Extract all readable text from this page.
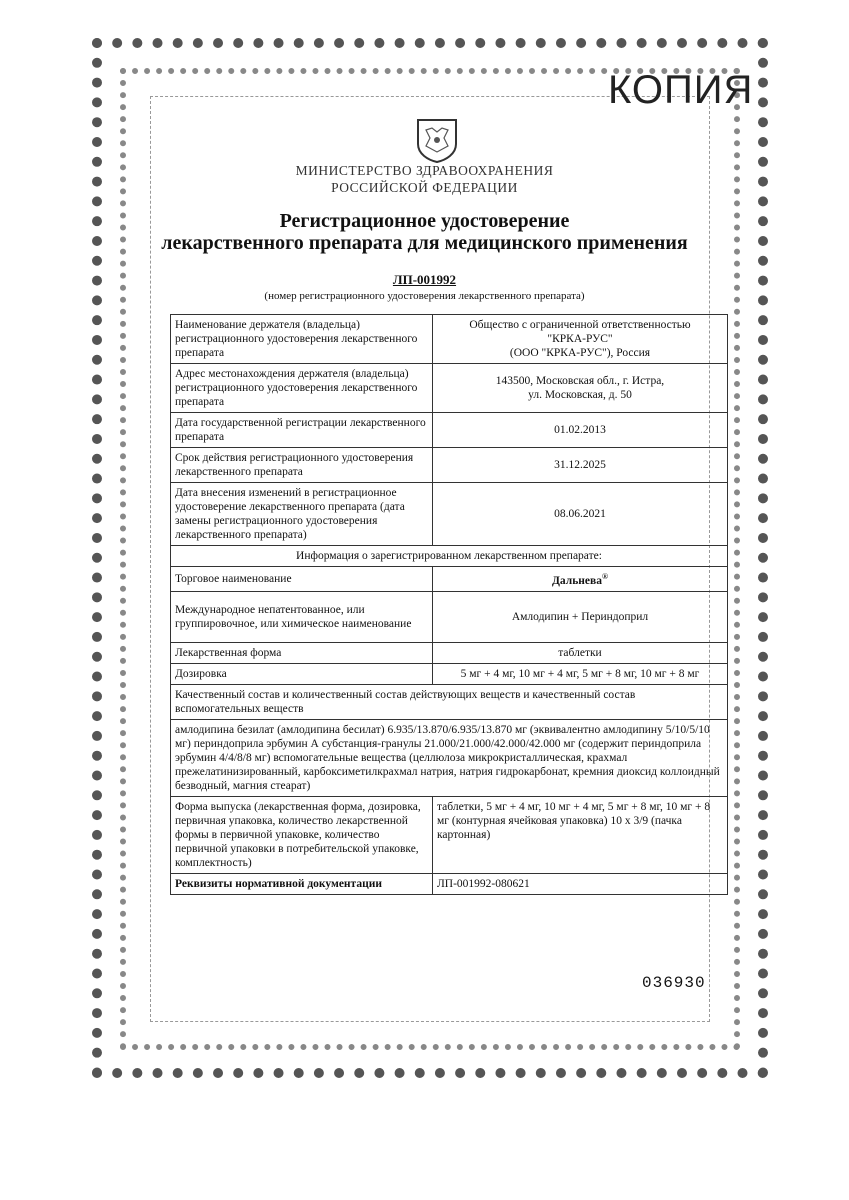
КОПИЯ
МИНИСТЕРСТВО ЗДРАВООХРАНЕНИЯ
РОССИЙСКОЙ ФЕДЕРАЦИИ
Регистрационное удостоверение
лекарственного препарата для медицинского применения
ЛП-001992
(номер регистрационного удостоверения лекарственного препарата)
Наименование держателя (владельца) регистрационного удостоверения лекарственного препарата	Общество с ограниченной ответственностью
"КРКА-РУС"
(ООО "КРКА-РУС"), Россия

Адрес местонахождения держателя (владельца) регистрационного удостоверения лекарственного препарата	143500, Московская обл., г. Истра,
ул. Московская, д. 50

Дата государственной регистрации лекарственного препарата	01.02.2013
Срок действия регистрационного удостоверения лекарственного препарата	31.12.2025
Дата внесения изменений в регистрационное удостоверение лекарственного препарата (дата замены регистрационного удостоверения лекарственного препарата)	08.06.2021
Информация о зарегистрированном лекарственном препарате:	
Торговое наименование	Дальнева®
Международное непатентованное, или группировочное, или химическое наименование	Амлодипин + Периндоприл
Лекарственная форма	таблетки
Дозировка	5 мг + 4 мг, 10 мг + 4 мг, 5 мг + 8 мг, 10 мг + 8 мг
Качественный состав и количественный состав действующих веществ и качественный состав вспомогательных веществ	
амлодипина безилат (амлодипина бесилат) 6.935/13.870/6.935/13.870 мг (эквивалентно амлодипину 5/10/5/10 мг) периндоприла эрбумин А субстанция-гранулы 21.000/21.000/42.000/42.000 мг (содержит периндоприла эрбумин 4/4/8/8 мг) вспомогательные вещества (целлюлоза микрокристаллическая, крахмал прежелатинизированный, карбоксиметилкрахмал натрия, натрия гидрокарбонат, кремния диоксид коллоидный безводный, магния стеарат)	
Форма выпуска (лекарственная форма, дозировка, первичная упаковка, количество лекарственной формы в первичной упаковке, количество первичной упаковки в потребительской упаковке, комплектность)	таблетки, 5 мг + 4 мг, 10 мг + 4 мг, 5 мг + 8 мг, 10 мг + 8 мг (контурная ячейковая упаковка) 10 x 3/9 (пачка картонная)
Реквизиты нормативной документации	ЛП-001992-080621
036930
